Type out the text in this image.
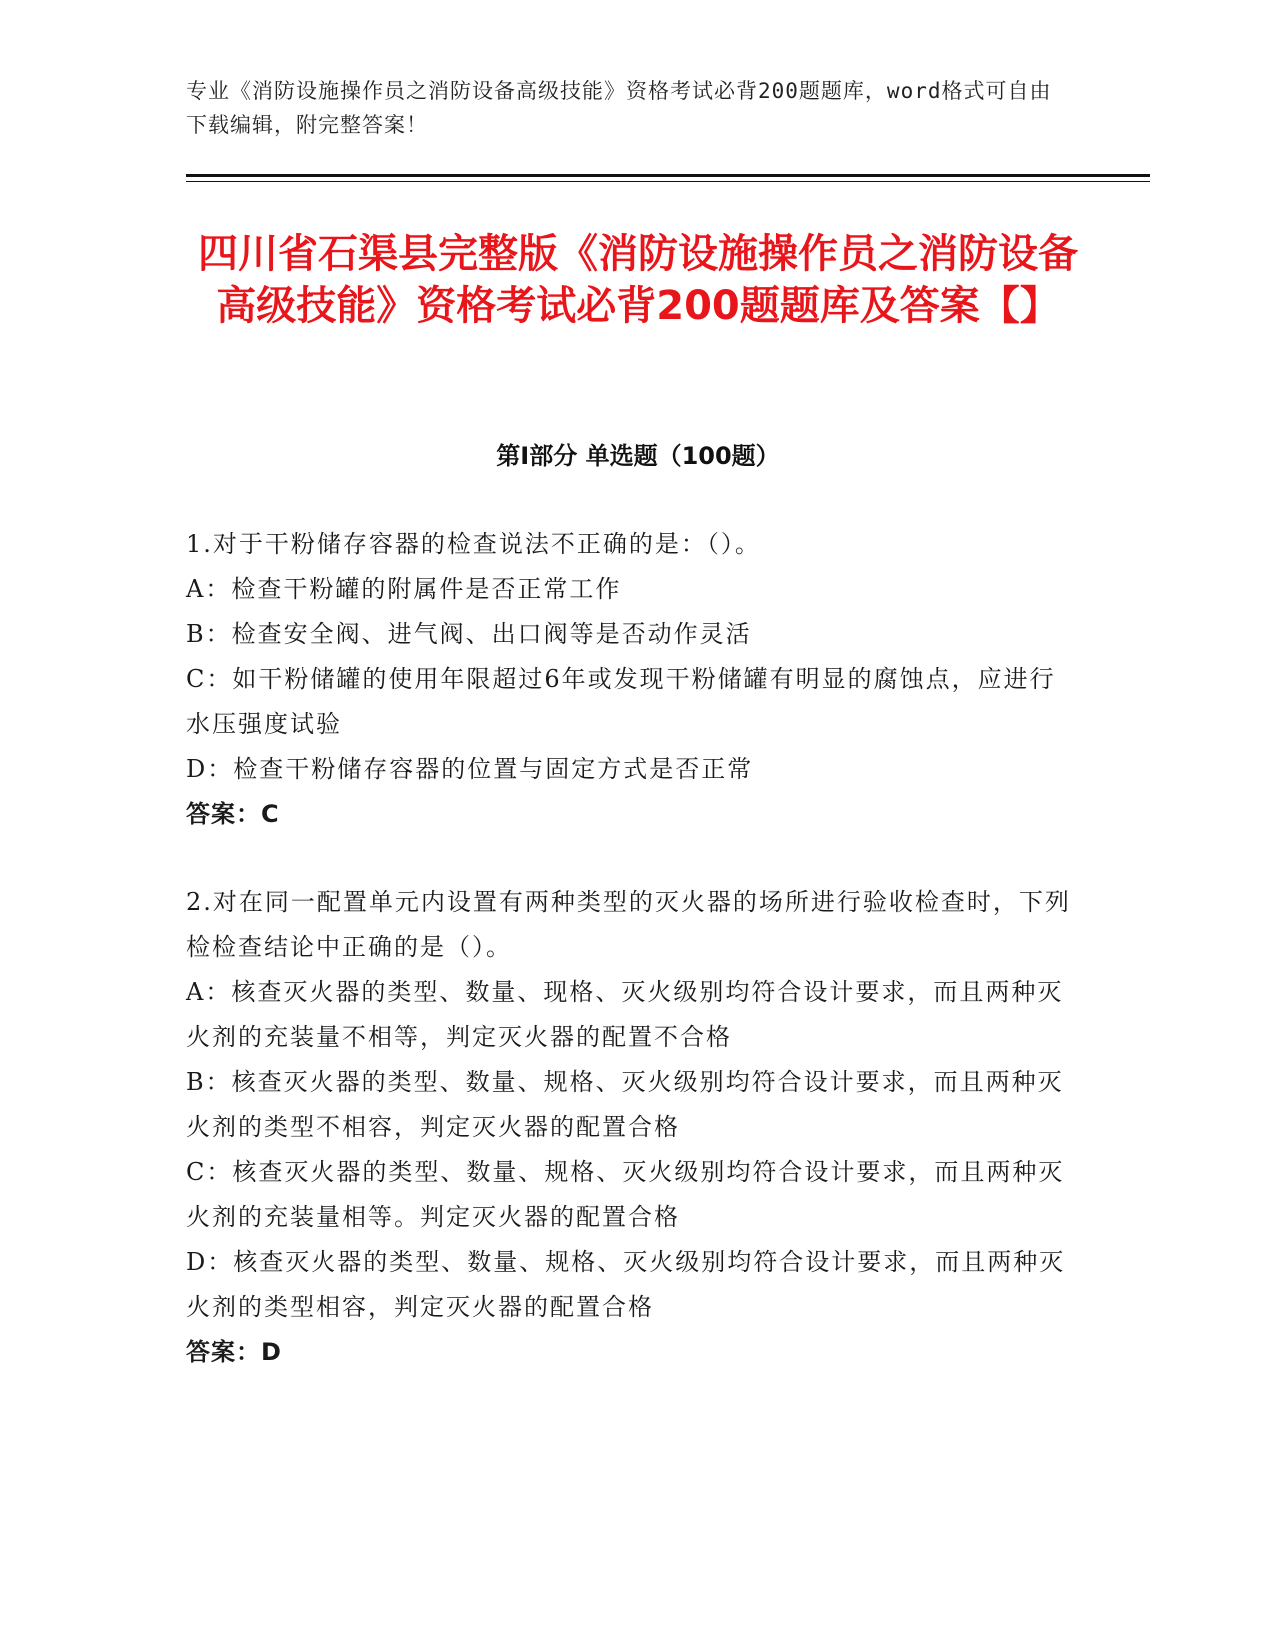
专业《消防设施操作员之消防设备高级技能》资格考试必背200题题库，word格式可自由下载编辑，附完整答案！

四川省石渠县完整版《消防设施操作员之消防设备高级技能》资格考试必背200题题库及答案【】
第I部分 单选题（100题）

1.对于干粉储存容器的检查说法不正确的是：（）。

A：检查干粉罐的附属件是否正常工作

B：检查安全阀、进气阀、出口阀等是否动作灵活

C：如干粉储罐的使用年限超过6年或发现干粉储罐有明显的腐蚀点，应进行水压强度试验

D：检查干粉储存容器的位置与固定方式是否正常

答案：C

2.对在同一配置单元内设置有两种类型的灭火器的场所进行验收检查时，下列检检查结论中正确的是（）。

A：核查灭火器的类型、数量、现格、灭火级别均符合设计要求，而且两种灭火剂的充装量不相等，判定灭火器的配置不合格

B：核查灭火器的类型、数量、规格、灭火级别均符合设计要求，而且两种灭火剂的类型不相容，判定灭火器的配置合格

C：核查灭火器的类型、数量、规格、灭火级别均符合设计要求，而且两种灭火剂的充装量相等。判定灭火器的配置合格

D：核查灭火器的类型、数量、规格、灭火级别均符合设计要求，而且两种灭火剂的类型相容，判定灭火器的配置合格

答案：D
